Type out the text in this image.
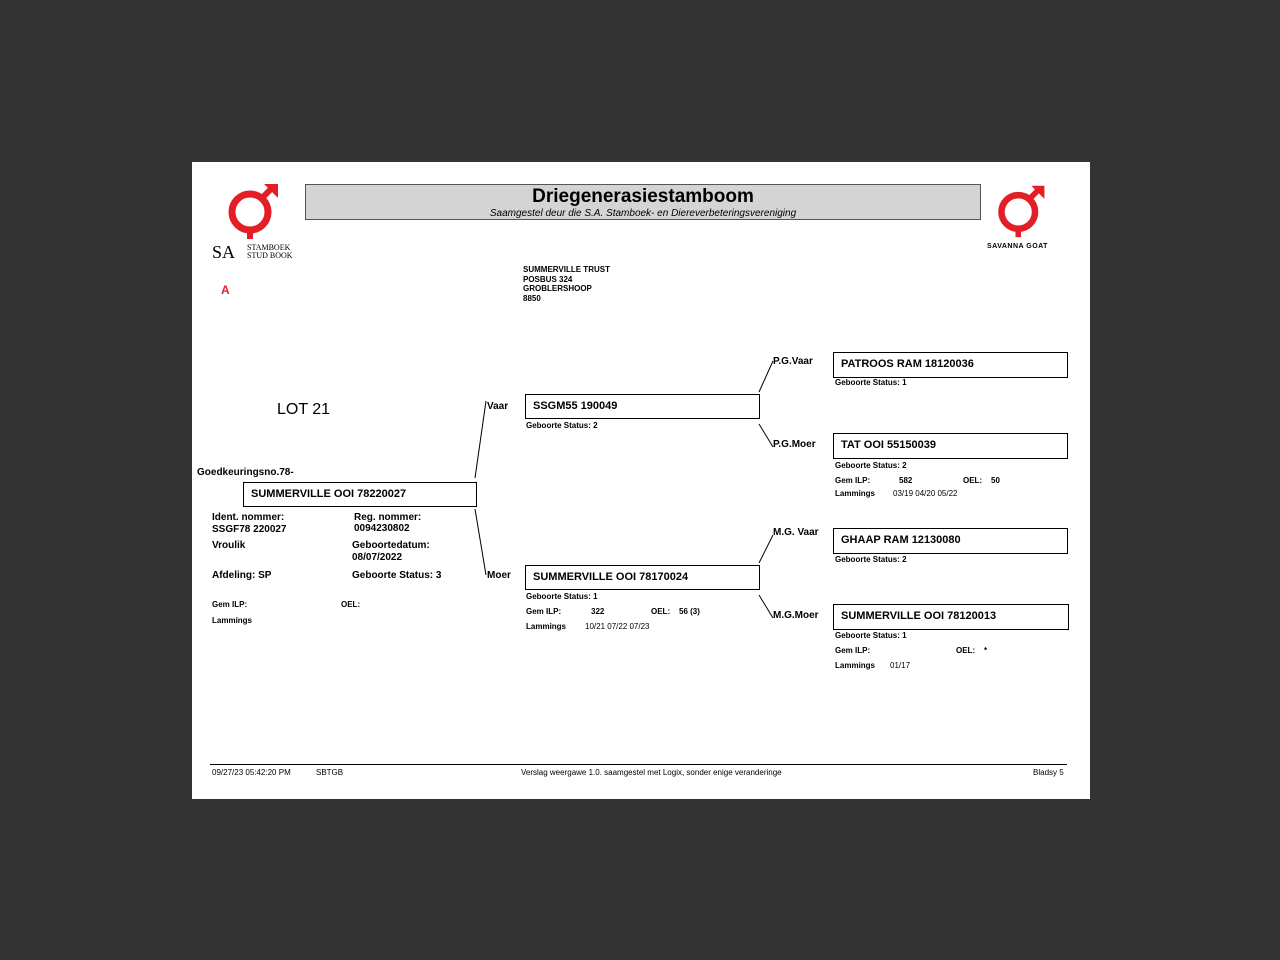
SA STAMBOEK
STUD BOOK
A
Driegenerasiestamboom
Saamgestel deur die S.A. Stamboek- en Diereverbeteringsvereniging
SAVANNA GOAT
SUMMERVILLE TRUST
POSBUS 324
GROBLERSHOOP
8850
LOT 21
Goedkeuringsno.78-
SUMMERVILLE OOI 78220027
Ident. nommer:
SSGF78 220027
Reg. nommer:
0094230802
Vroulik	Geboortedatum:
08/07/2022
Afdeling: SP	Geboorte Status: 3
Gem ILP:	OEL:
Lammings
Vaar SSGM55 190049
Geboorte Status: 2
Moer SUMMERVILLE OOI 78170024
Geboorte Status: 1
Gem ILP:	322	OEL: 56 (3)
Lammings 10/21 07/22 07/23
P.G.Vaar	PATROOS RAM 18120036
Geboorte Status: 1
P.G.Moer TAT OOI 55150039
Geboorte Status: 2
Gem ILP:	582	OEL: 50
Lammings 03/19 04/20 05/22
M.G. Vaar
GHAAP RAM 12130080
Geboorte Status: 2
M.G.Moer SUMMERVILLE OOI 78120013
Geboorte Status: 1
Gem ILP:	OEL: *
Lammings 01/17
09/27/23 05:42:20 PM	SBTGB	Verslag weergawe 1.0. saamgestel met Logix, sonder enige veranderinge	Bladsy 5
